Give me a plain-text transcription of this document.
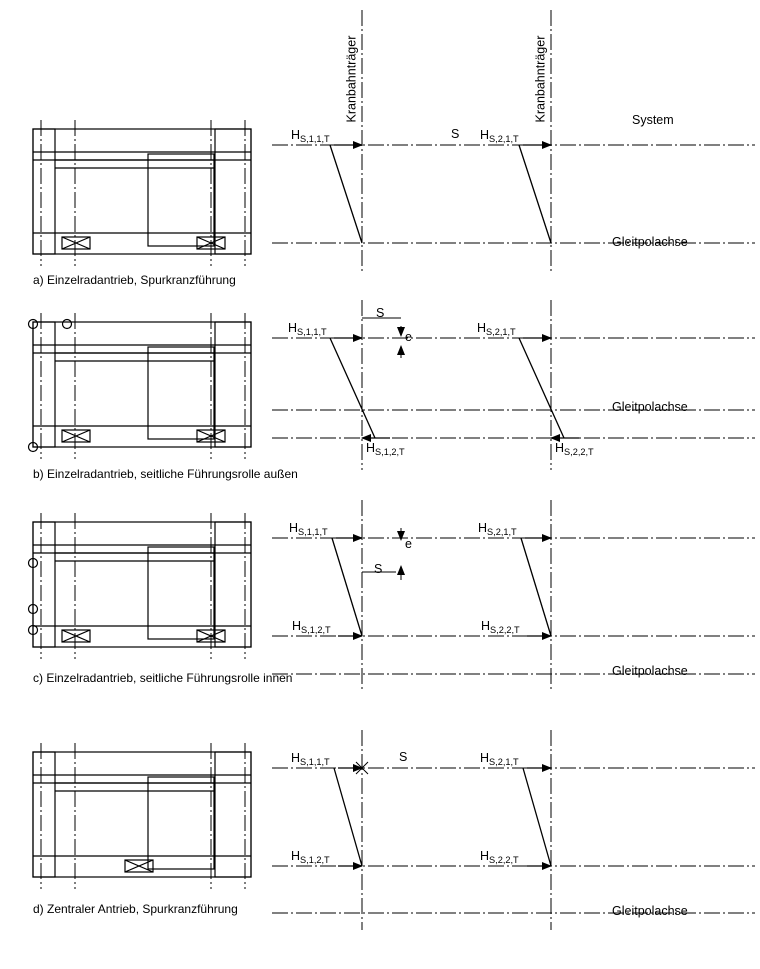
Kranbahnträger	Kranbahnträger	System
$H_{S,1,1,T}$	$H_{S,2,1,T}$
S
Gleitpolachse
a) Einzelradantrieb, Spurkranzführung
$H_{S,1,1,T}$	$H_{S,2,1,T}$
$H_{S,1,2,T}$	$H_{S,2,2,T}$
S
e
Gleitpolachse
b) Einzelradantrieb, seitliche Führungsrolle außen
$H_{S,1,1,T}$	$H_{S,2,1,T}$
$H_{S,1,2,T}$	$H_{S,2,2,T}$
S
e
Gleitpolachse
c) Einzelradantrieb, seitliche Führungsrolle innen
$H_{S,1,1,T}$	$H_{S,2,1,T}$
$H_{S,1,2,T}$	$H_{S,2,2,T}$
S
Gleitpolachse
d) Zentraler Antrieb, Spurkranzführung
